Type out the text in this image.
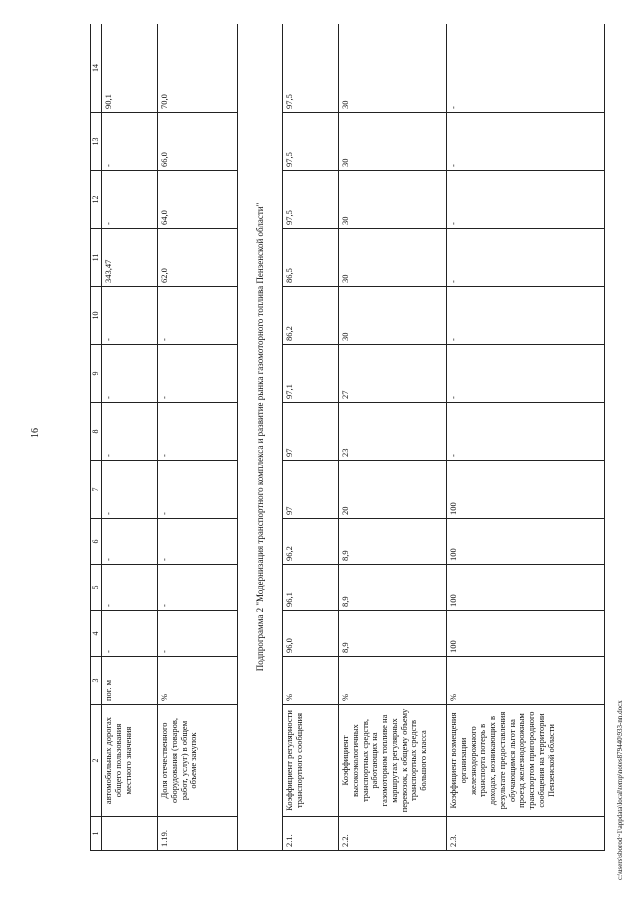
16
1	2	3	4	5	6	7	8	9	10	11	12	13	14
	автомобильных дорогах общего пользования местного значения	пог. м	-	-	-	-	-	-	-	343,47	-	-	90,1
1.19.	Доля отечественного оборудования (товаров, работ, услуг) в общем объеме закупок	%	-	-	-	-	-	-	-	62,0	64,0	66,0	70,0
Подпрограмма 2 "Модернизация транспортного комплекса и развитие рынка газомоторного топлива Пензенской области"													
2.1.	Коэффициент регулярности транспортного сообщения	%	96,0	96,1	96,2	97	97	97,1	86,2	86,5	97,5	97,5	97,5
2.2.	Коэффициент высокоэкологичных транспортных средств, работающих на газомоторном топливе на маршрутах регулярных перевозок, к общему объему транспортных средств большого класса	%	8,9	8,9	8,9	20	23	27	30	30	30	30	30
2.3.	Коэффициент возмещения организации железнодорожного транспорта потерь в доходах, возникающих в результате предоставления обучающимся льгот на проезд железнодорожным транспортом пригородного сообщения на территории Пензенской области	%	100	100	100	100	-	-	-	-	-	-	-
c:\users\sborod~1\appdata\local\temp\notes879440\933-nn.docx
